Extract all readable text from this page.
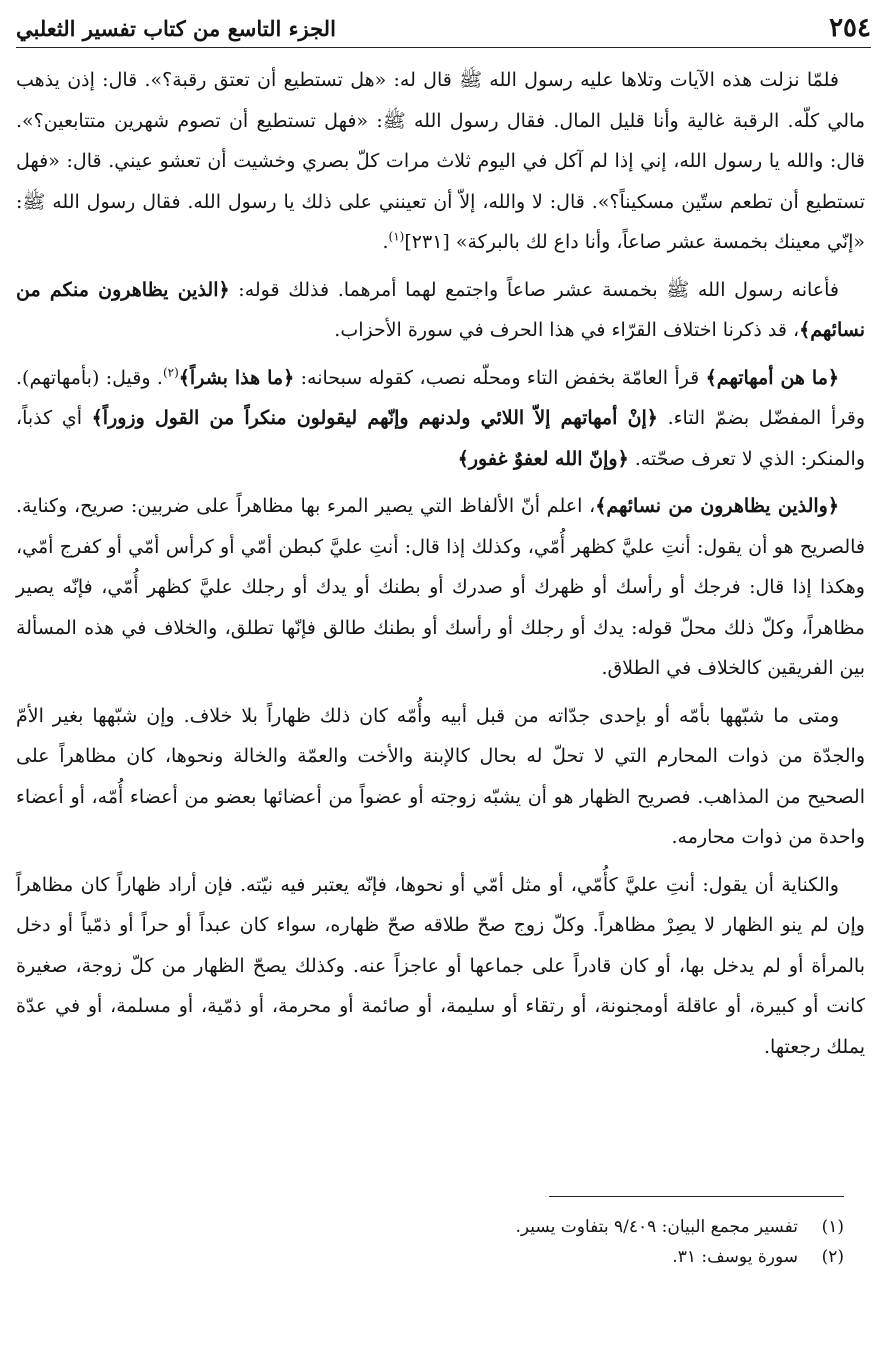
٢٥٤
الجزء التاسع من كتاب تفسير الثعلبي

فلمّا نزلت هذه الآيات وتلاها عليه رسول الله ﷺ قال له: «هل تستطيع أن تعتق رقبة؟». قال: إذن يذهب مالي كلّه. الرقبة غالية وأنا قليل المال. فقال رسول الله ﷺ: «فهل تستطيع أن تصوم شهرين متتابعين؟». قال: والله يا رسول الله، إني إذا لم آكل في اليوم ثلاث مرات كلّ بصري وخشيت أن تعشو عيني. قال: «فهل تستطيع أن تطعم ستّين مسكيناً؟». قال: لا والله، إلاّ أن تعينني على ذلك يا رسول الله. فقال رسول الله ﷺ: «إنّي معينك بخمسة عشر صاعاً، وأنا داع لك بالبركة» [٢٣١]$^{(١)}$.

فأعانه رسول الله ﷺ بخمسة عشر صاعاً واجتمع لهما أمرهما. فذلك قوله: ﴿الذين يظاهرون منكم من نسائهم﴾، قد ذكرنا اختلاف القرّاء في هذا الحرف في سورة الأحزاب.

﴿ما هن أمهاتهم﴾ قرأ العامّة بخفض التاء ومحلّه نصب، كقوله سبحانه: ﴿ما هذا بشراً﴾$^{(٢)}$. وقيل: (بأمهاتهم). وقرأ المفضّل بضمّ التاء. ﴿إنْ أمهاتهم إلاّ اللائي ولدنهم وإنّهم ليقولون منكراً من القول وزوراً﴾ أي كذباً، والمنكر: الذي لا تعرف صحّته. ﴿وإنّ الله لعفوٌ غفور﴾

﴿والذين يظاهرون من نسائهم﴾، اعلم أنّ الألفاظ التي يصير المرء بها مظاهراً على ضربين: صريح، وكناية. فالصريح هو أن يقول: أنتِ عليَّ كظهر أُمّي، وكذلك إذا قال: أنتِ عليَّ كبطن أمّي أو كرأس أمّي أو كفرج أمّي، وهكذا إذا قال: فرجك أو رأسك أو ظهرك أو صدرك أو بطنك أو يدك أو رجلك عليَّ كظهر أُمّي، فإنّه يصير مظاهراً، وكلّ ذلك محلّ قوله: يدك أو رجلك أو رأسك أو بطنك طالق فإنّها تطلق، والخلاف في هذه المسألة بين الفريقين كالخلاف في الطلاق.

ومتى ما شبّهها بأمّه أو بإحدى جدّاته من قبل أبيه وأُمّه كان ذلك ظهاراً بلا خلاف. وإن شبّهها بغير الأمّ والجدّة من ذوات المحارم التي لا تحلّ له بحال كالإبنة والأخت والعمّة والخالة ونحوها، كان مظاهراً على الصحيح من المذاهب. فصريح الظهار هو أن يشبّه زوجته أو عضواً من أعضائها بعضو من أعضاء أُمّه، أو أعضاء واحدة من ذوات محارمه.

والكناية أن يقول: أنتِ عليَّ كأُمّي، أو مثل أمّي أو نحوها، فإنّه يعتبر فيه نيّته. فإن أراد ظهاراً كان مظاهراً وإن لم ينو الظهار لا يصِرْ مظاهراً. وكلّ زوج صحّ طلاقه صحّ ظهاره، سواء كان عبداً أو حراً أو ذمّياً أو دخل بالمرأة أو لم يدخل بها، أو كان قادراً على جماعها أو عاجزاً عنه. وكذلك يصحّ الظهار من كلّ زوجة، صغيرة كانت أو كبيرة، أو عاقلة أومجنونة، أو رتقاء أو سليمة، أو صائمة أو محرمة، أو ذمّية، أو مسلمة، أو في عدّة يملك رجعتها.

(١)
تفسير مجمع البيان: ٩/٤٠٩ بتفاوت يسير.
(٢)
سورة يوسف: ٣١.
